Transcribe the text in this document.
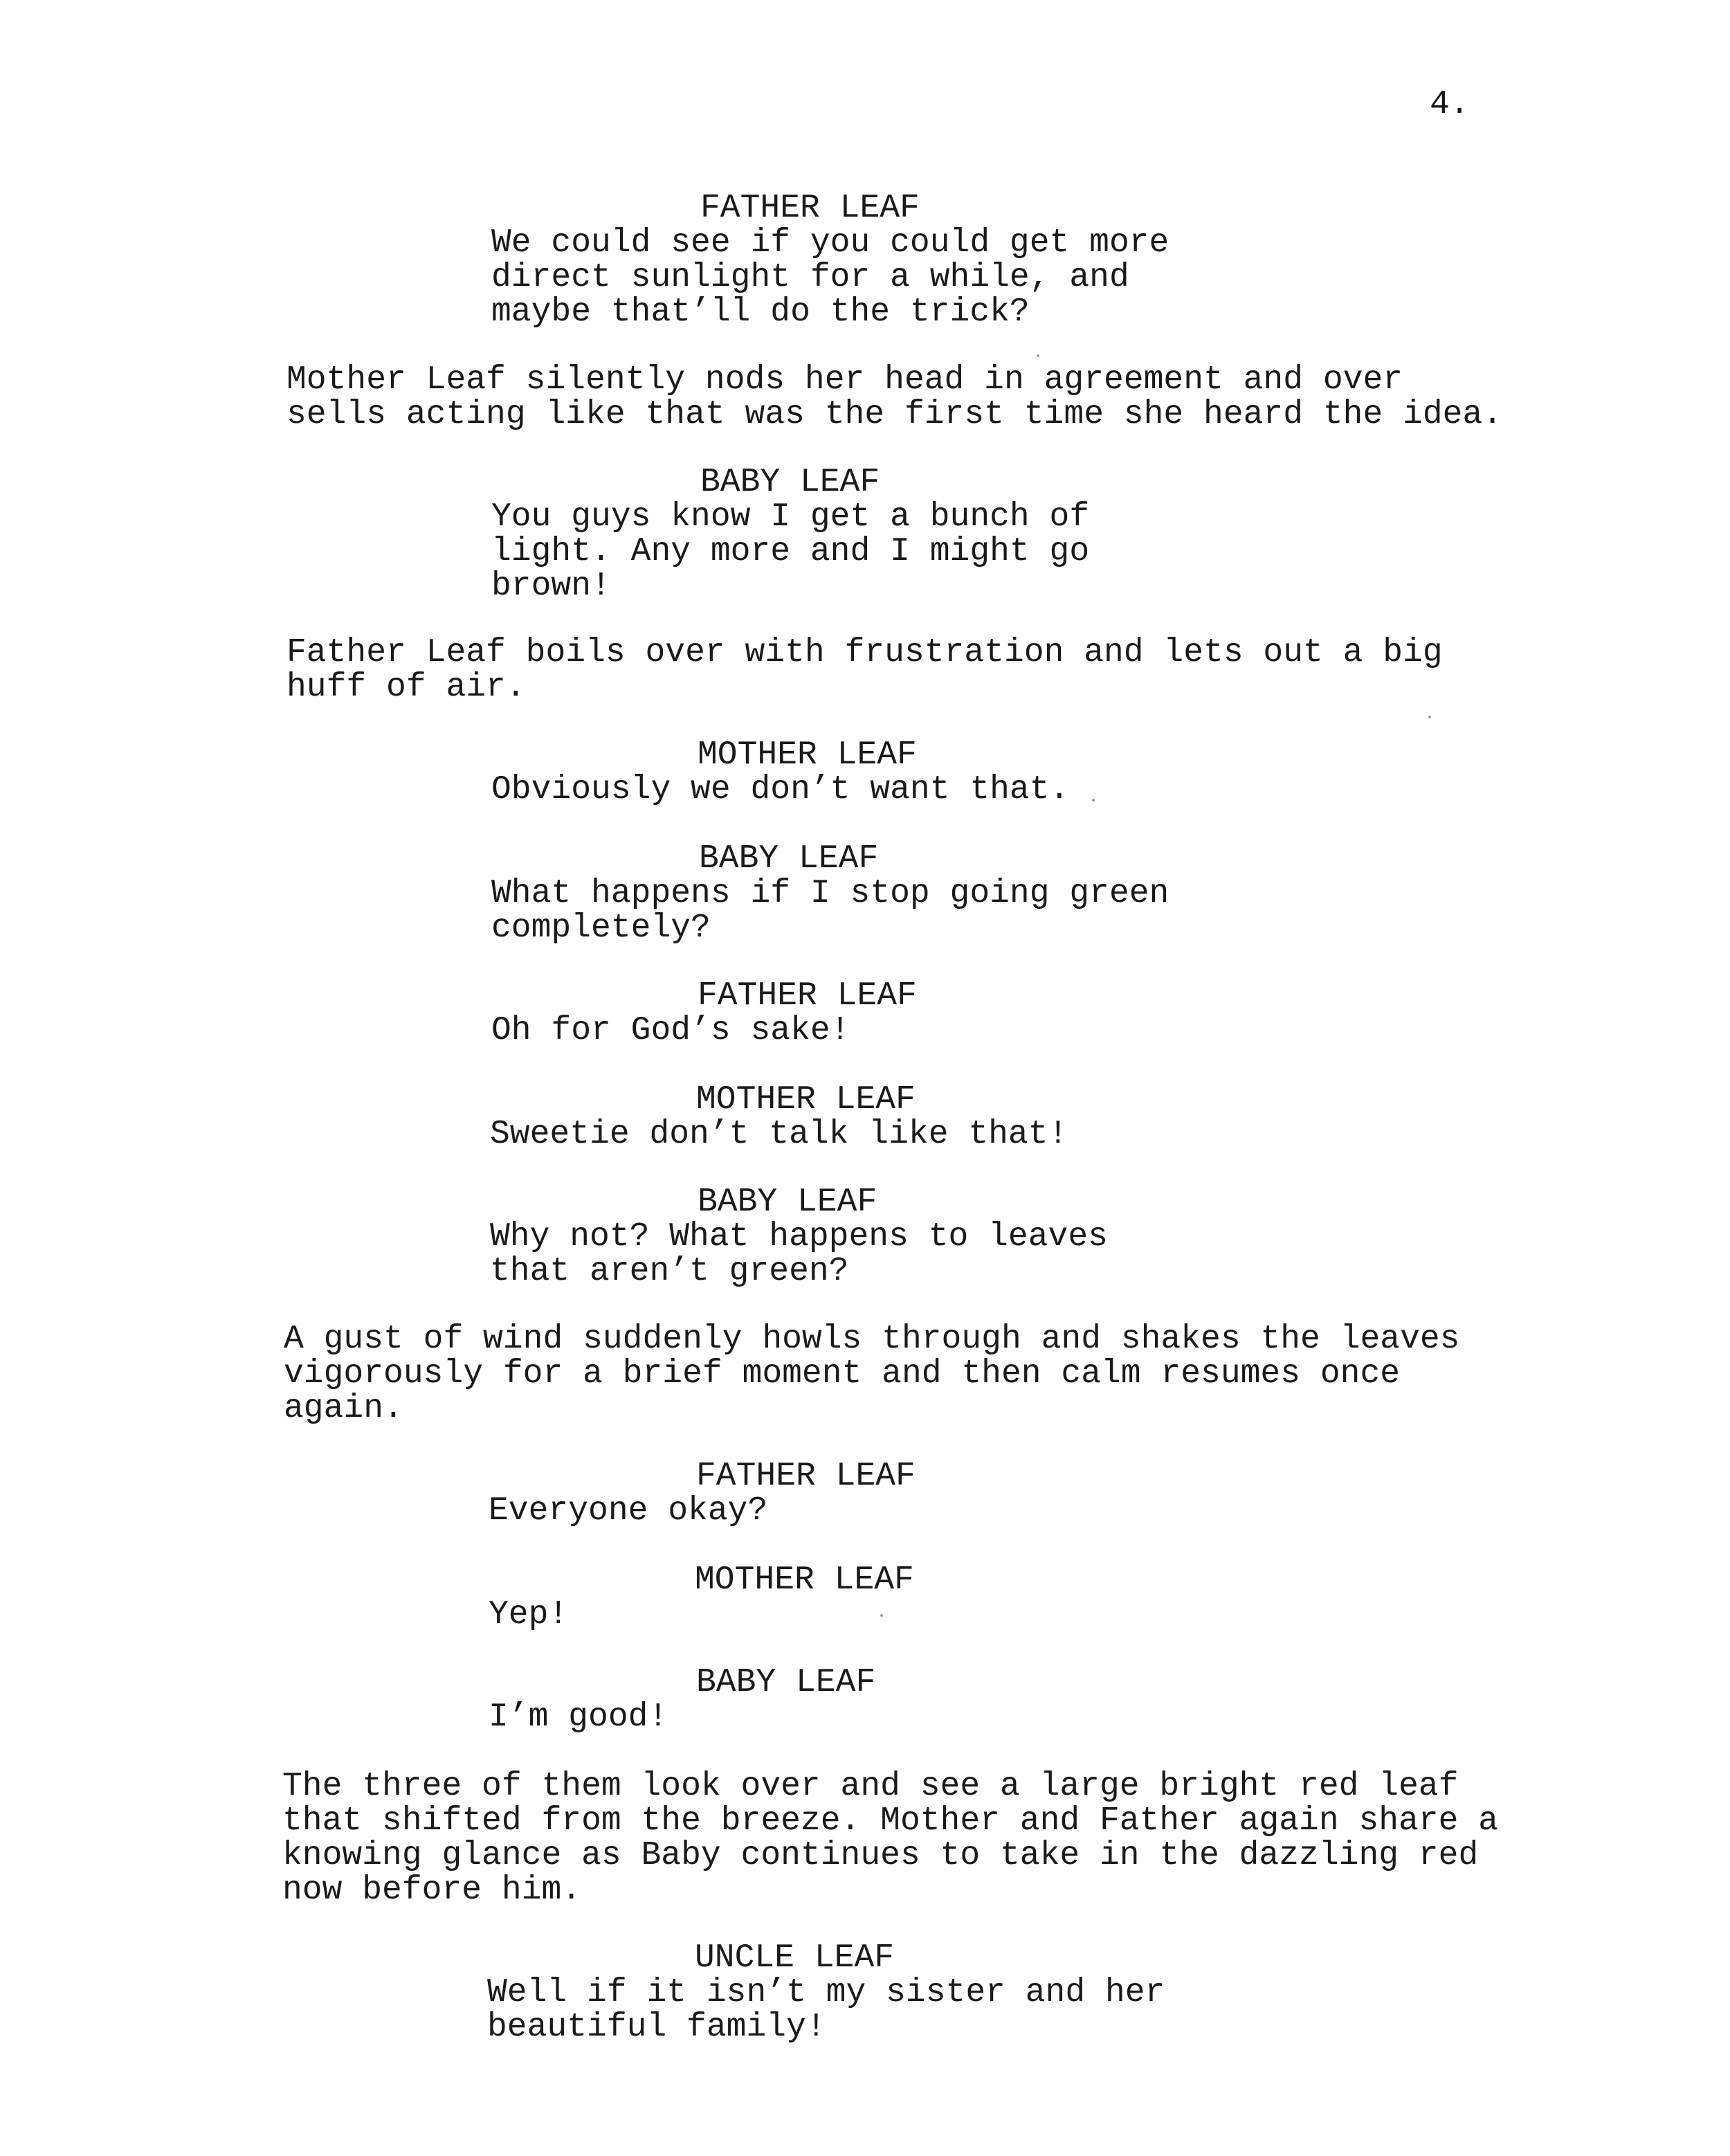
4.
FATHER LEAF
We could see if you could get more
direct sunlight for a while, and
maybe that’ll do the trick?
Mother Leaf silently nods her head in agreement and over
sells acting like that was the first time she heard the idea.
BABY LEAF
You guys know I get a bunch of
light. Any more and I might go
brown!
Father Leaf boils over with frustration and lets out a big
huff of air.
MOTHER LEAF
Obviously we don’t want that.
BABY LEAF
What happens if I stop going green
completely?
FATHER LEAF
Oh for God’s sake!
MOTHER LEAF
Sweetie don’t talk like that!
BABY LEAF
Why not? What happens to leaves
that aren’t green?
A gust of wind suddenly howls through and shakes the leaves
vigorously for a brief moment and then calm resumes once
again.
FATHER LEAF
Everyone okay?
MOTHER LEAF
Yep!
BABY LEAF
I’m good!
The three of them look over and see a large bright red leaf
that shifted from the breeze. Mother and Father again share a
knowing glance as Baby continues to take in the dazzling red
now before him.
UNCLE LEAF
Well if it isn’t my sister and her
beautiful family!
